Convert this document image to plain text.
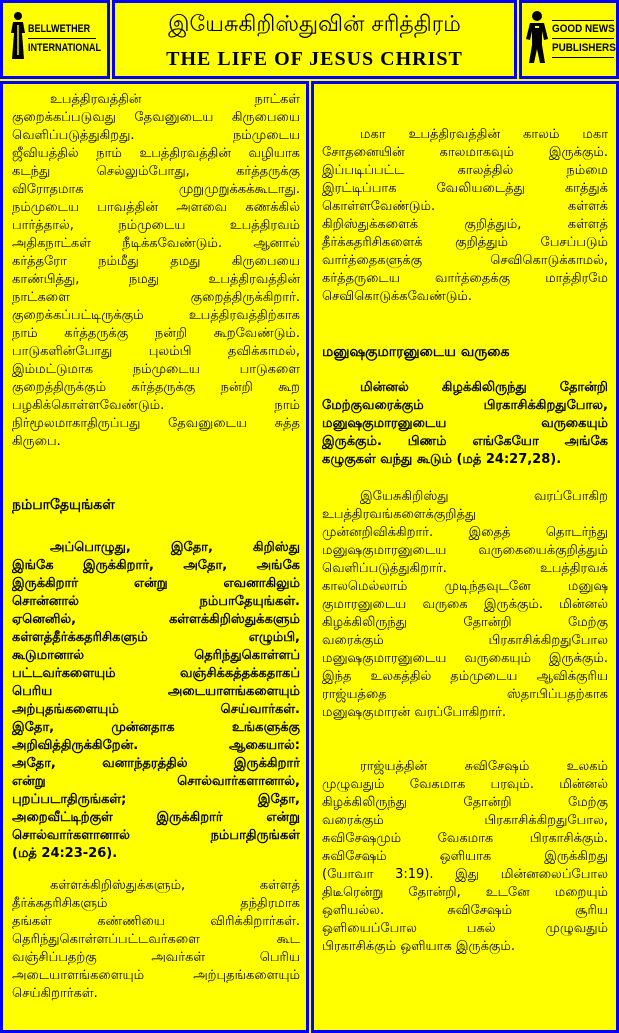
BELLWETHER
INTERNATIONAL
இயேசுகிறிஸ்துவின் சரித்திரம்
THE LIFE OF JESUS CHRIST
GOOD NEWS
PUBLISHERS
உபத்திரவத்தின் நாட்கள்
குறைக்கப்படுவது தேவனுடைய கிருபையை
வெளிப்படுத்துகிறது. நம்முடைய
ஜீவியத்தில் நாம் உபத்திரவத்தின் வழியாக
கடந்து செல்லும்போது, கர்த்தருக்கு
விரோதமாக முறுமுறுக்கக்கூடாது.
நம்முடைய பாவத்தின் அளவை கணக்கில்
பார்த்தால், நம்முடைய உபத்திரவம்
அதிகநாட்கள் நீடிக்கவேண்டும். ஆனால்
கர்த்தரோ நம்மீது தமது கிருபையை
காண்பித்து, நமது உபத்திரவத்தின்
நாட்களை குறைத்திருக்கிறார்.
குறைக்கப்பட்டிருக்கும் உபத்திரவத்திற்காக
நாம் கர்த்தருக்கு நன்றி கூறவேண்டும்.
பாடுகளின்போது புலம்பி தவிக்காமல்,
இம்மட்டுமாக நம்முடைய பாடுகளை
குறைத்திருக்கும் கர்த்தருக்கு நன்றி கூற
பழகிக்கொள்ளவேண்டும். நாம்
நிர்மூலமாகாதிருப்பது தேவனுடைய சுத்த
கிருபை.
நம்பாதேயுங்கள்
அப்பொழுது, இதோ, கிறிஸ்து
இங்கே இருக்கிறார், அதோ, அங்கே
இருக்கிறார் என்று எவனாகிலும்
சொன்னால் நம்பாதேயுங்கள்.
ஏனெனில், கள்ளக்கிறிஸ்துக்களும்
கள்ளத்தீர்க்கதரிசிகளும் எழும்பி,
கூடுமானால் தெரிந்துகொள்ளப்
பட்டவர்களையும் வஞ்சிக்கத்தக்கதாகப்
பெரிய அடையாளங்களையும்
அற்புதங்களையும் செய்வார்கள்.
இதோ, முன்னதாக உங்களுக்கு
அறிவித்திருக்கிறேன். ஆகையால்:
அதோ, வனாந்தரத்தில் இருக்கிறார்
என்று சொல்வார்களானால்,
புறப்படாதிருங்கள்; இதோ,
அறைவீட்டிற்குள் இருக்கிறார் என்று
சொல்வார்களானால் நம்பாதிருங்கள்
(மத் 24:23-26).
கள்ளக்கிறிஸ்துக்களும், கள்ளத்
தீர்க்கதரிசிகளும் தந்திரமாக
தங்கள் கண்ணியை விரிக்கிறார்கள்.
தெரிந்துகொள்ளப்பட்டவர்களை கூட
வஞ்சிப்பதற்கு அவர்கள் பெரிய
அடையாளங்களையும் அற்புதங்களையும்
செய்கிறார்கள்.
மகா உபத்திரவத்தின் காலம் மகா
சோதனையின் காலமாகவும் இருக்கும்.
இப்படிப்பட்ட காலத்தில் நம்மை
இரட்டிப்பாக வேலியடைத்து காத்துக்
கொள்ளவேண்டும். கள்ளக்
கிறிஸ்துக்களைக் குறித்தும், கள்ளத்
தீர்க்கதரிசிகளைக் குறித்தும் பேசப்படும்
வார்த்தைகளுக்கு செவிகொடுக்காமல்,
கர்த்தருடைய வார்த்தைக்கு மாத்திரமே
செவிகொடுக்கவேண்டும்.
மனுஷகுமாரனுடைய வருகை
மின்னல் கிழக்கிலிருந்து தோன்றி
மேற்குவரைக்கும் பிரகாசிக்கிறதுபோல,
மனுஷகுமாரனுடைய வருகையும்
இருக்கும். பிணம் எங்கேயோ அங்கே
கழுகுகள் வந்து கூடும் (மத் 24:27,28).
இயேசுகிறிஸ்து வரப்போகிற
உபத்திரவங்களைக்குறித்து
முன்னறிவிக்கிறார். இதைத் தொடர்ந்து
மனுஷகுமாரனுடைய வருகையைக்குறித்தும்
வெளிப்படுத்துகிறார். உபத்திரவக்
காலமெல்லாம் முடிந்தவுடனே மனுஷ
குமாரனுடைய வருகை இருக்கும். மின்னல்
கிழக்கிலிருந்து தோன்றி மேற்கு
வரைக்கும் பிரகாசிக்கிறதுபோல
மனுஷகுமாரனுடைய வருகையும் இருக்கும்.
இந்த உலகத்தில் தம்முடைய ஆவிக்குரிய
ராஜ்யத்தை ஸ்தாபிப்பதற்காக
மனுஷகுமாரன் வரப்போகிறார்.
ராஜ்யத்தின் சுவிசேஷம் உலகம்
முழுவதும் வேகமாக பரவும். மின்னல்
கிழக்கிலிருந்து தோன்றி மேற்கு
வரைக்கும் பிரகாசிக்கிறதுபோல,
சுவிசேஷமும் வேகமாக பிரகாசிக்கும்.
சுவிசேஷம் ஒளியாக இருக்கிறது
(யோவா 3:19). இது மின்னலைப்போல
திடீரென்று தோன்றி, உடனே மறையும்
ஒளியல்ல. சுவிசேஷம் சூரிய
ஒளியைப்போல பகல் முழுவதும்
பிரகாசிக்கும் ஒளியாக இருக்கும்.
